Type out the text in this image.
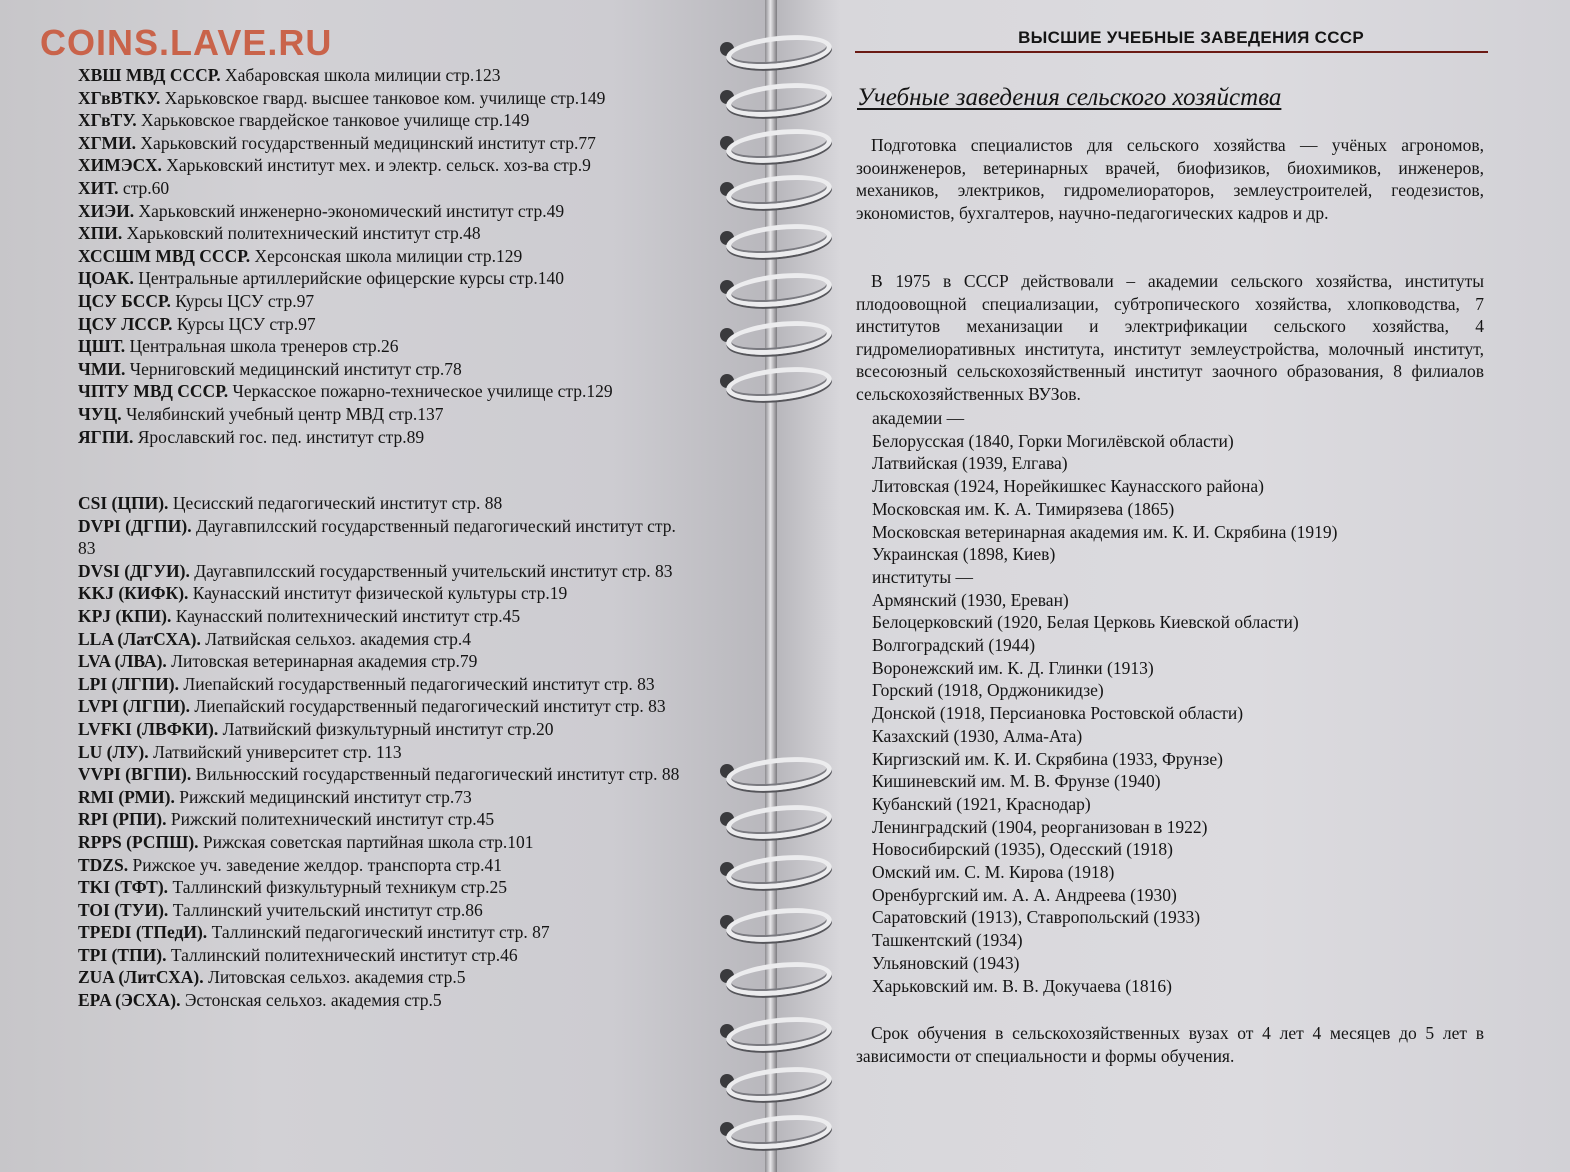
COINS.LAVE.RU
ХВШ МВД СССР. Хабаровская школа милиции стр.123
ХГвВТКУ. Харьковское гвард. высшее танковое ком. училище стр.149
ХГвТУ. Харьковское гвардейское танковое училище стр.149
ХГМИ. Харьковский государственный медицинский институт стр.77
ХИМЭСХ. Харьковский институт мех. и электр. сельск. хоз-ва стр.9
ХИТ. стр.60
ХИЭИ. Харьковский инженерно-экономический институт стр.49
ХПИ. Харьковский политехнический институт стр.48
ХССШМ МВД СССР. Херсонская школа милиции стр.129
ЦОАК. Центральные артиллерийские офицерские курсы стр.140
ЦСУ БССР. Курсы ЦСУ стр.97
ЦСУ ЛССР. Курсы ЦСУ стр.97
ЦШТ. Центральная школа тренеров стр.26
ЧМИ. Черниговский медицинский институт стр.78
ЧПТУ МВД СССР. Черкасское пожарно-техническое училище стр.129
ЧУЦ. Челябинский учебный центр МВД стр.137
ЯГПИ. Ярославский гос. пед. институт стр.89
CSI (ЦПИ). Цесисский педагогический институт стр. 88
DVPI (ДГПИ). Даугавпилсский государственный педагогический институт стр. 83
DVSI (ДГУИ). Даугавпилсский государственный учительский институт стр. 83
KKJ (КИФК). Каунасский институт физической культуры стр.19
KPJ (КПИ). Каунасский политехнический институт стр.45
LLA (ЛатСХА). Латвийская сельхоз. академия стр.4
LVA (ЛВА). Литовская ветеринарная академия стр.79
LPI (ЛГПИ). Лиепайский государственный педагогический институт стр. 83
LVPI (ЛГПИ). Лиепайский государственный педагогический институт стр. 83
LVFKI (ЛВФКИ). Латвийский физкультурный институт стр.20
LU (ЛУ). Латвийский университет стр. 113
VVPI (ВГПИ). Вильнюсский государственный педагогический институт стр. 88
RMI (РМИ). Рижский медицинский институт стр.73
RPI (РПИ). Рижский политехнический институт стр.45
RPPS (РСПШ). Рижская советская партийная школа стр.101
TDZS. Рижское уч. заведение желдор. транспорта стр.41
TKI (ТФТ). Таллинский физкультурный техникум стр.25
TOI (ТУИ). Таллинский учительский институт стр.86
TPEDI (ТПедИ). Таллинский педагогический институт стр. 87
TPI (ТПИ). Таллинский политехнический институт стр.46
ZUA (ЛитСХА). Литовская сельхоз. академия стр.5
EPA (ЭСХА). Эстонская сельхоз. академия стр.5
ВЫСШИЕ УЧЕБНЫЕ ЗАВЕДЕНИЯ СССР
Учебные заведения сельского хозяйства

Подготовка специалистов для сельского хозяйства — учёных агрономов, зооинженеров, ветеринарных врачей, биофизиков, биохимиков, инженеров, механиков, электриков, гидромелиораторов, землеустроителей, геодезистов, экономистов, бухгалтеров, научно-педагогических кадров и др.

В 1975 в СССР действовали – академии сельского хозяйства, институты плодоовощной специализации, субтропического хозяйства, хлопководства, 7 институтов механизации и электрификации сельского хозяйства, 4 гидромелиоративных института, институт землеустройства, молочный институт, всесоюзный сельскохозяйственный институт заочного образования, 8 филиалов сельскохозяйственных ВУЗов.

академии —
Белорусская (1840, Горки Могилёвской области)
Латвийская (1939, Елгава)
Литовская (1924, Норейкишкес Каунасского района)
Московская им. К. А. Тимирязева (1865)
Московская ветеринарная академия им. К. И. Скрябина (1919)
Украинская (1898, Киев)
институты —
Армянский (1930, Ереван)
Белоцерковский (1920, Белая Церковь Киевской области)
Волгоградский (1944)
Воронежский им. К. Д. Глинки (1913)
Горский (1918, Орджоникидзе)
Донской (1918, Персиановка Ростовской области)
Казахский (1930, Алма-Ата)
Киргизский им. К. И. Скрябина (1933, Фрунзе)
Кишиневский им. М. В. Фрунзе (1940)
Кубанский (1921, Краснодар)
Ленинградский (1904, реорганизован в 1922)
Новосибирский (1935), Одесский (1918)
Омский им. С. М. Кирова (1918)
Оренбургский им. А. А. Андреева (1930)
Саратовский (1913), Ставропольский (1933)
Ташкентский (1934)
Ульяновский (1943)
Харьковский им. В. В. Докучаева (1816)

Срок обучения в сельскохозяйственных вузах от 4 лет 4 месяцев до 5 лет в зависимости от специальности и формы обучения.
